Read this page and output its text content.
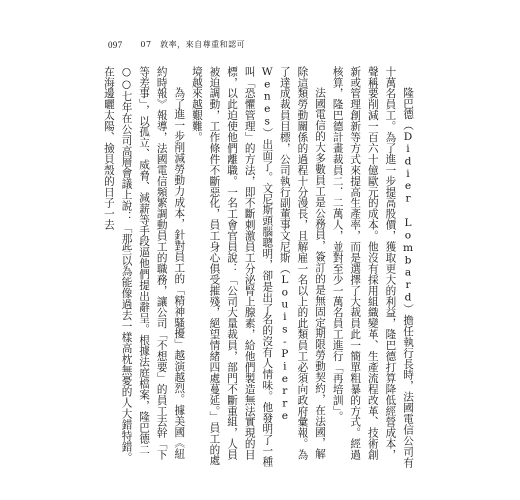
097 07　敦率，來自尊重和認可

隆巴德（Didier Lombard）擔任執行長時，法國電信公司有十萬名員工。為了進一步提高股價，獲取更大的利益，隆巴德打算降低經營成本，聲稱要削減一百六十億歐元的成本。他沒有採用組織變革、生產流程改革、技術創新或管理創新等方式來提高生產率，而是選擇了大裁員此一簡單粗暴的方式。經過核算，隆巴德計畫裁員二．二萬人，並對至少一萬名員工進行「再培訓」。

法國電信的大多數員工是公務員，簽訂的是無固定期限勞動契約，在法國，解除這類勞動關係的過程十分漫長，且解雇一名以上的此類員工必須向政府彙報。為了達成裁員目標，公司執行副董事文尼斯（Louis-Pierre Wenes）出面了。文尼斯頭腦聰明，卻是出了名的沒有人情味。他發明了一種叫「恐懼管理」的方法，即不斷刺激員工分泌腎上腺素，給他們製造無法實現的目標，以此迫使他們離職。一名工會官員說：「公司大量裁員，部門不斷重組，人員被迫調動，工作條件不斷惡化，員工身心俱受摧殘，絕望情緒四處蔓延。」員工的處境越來越艱難。

為了進一步削減勞動力成本，針對員工的「精神騷擾」越演越烈。據美國《紐約時報》報導，法國電信頻繁調動員工的職務，讓公司「不想要」的員工去幹「下等差事」，以孤立、威脅、減薪等手段逼他們提出辭呈。根據法庭檔案，隆巴德二○○七年在公司高層會議上說：「那些以為能像過去一樣高枕無憂的人大錯特錯。在海邊曬太陽、撿貝殼的日子一去
